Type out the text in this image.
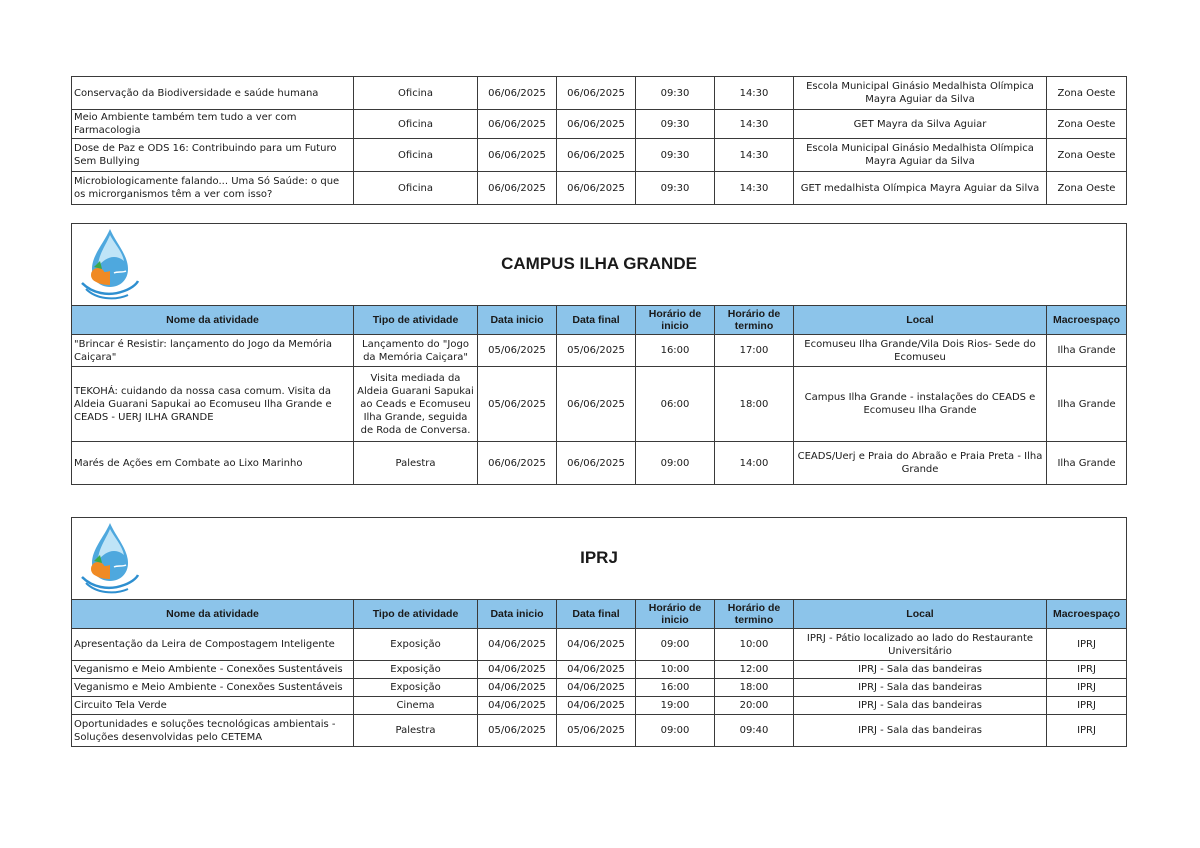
Conservação da Biodiversidade e saúde humana	Oficina	06/06/2025	06/06/2025	09:30	14:30	Escola Municipal Ginásio Medalhista Olímpica Mayra Aguiar da Silva	Zona Oeste
Meio Ambiente também tem tudo a ver com Farmacologia	Oficina	06/06/2025	06/06/2025	09:30	14:30	GET Mayra da Silva Aguiar	Zona Oeste
Dose de Paz e ODS 16: Contribuindo para um Futuro Sem Bullying	Oficina	06/06/2025	06/06/2025	09:30	14:30	Escola Municipal Ginásio Medalhista Olímpica Mayra Aguiar da Silva	Zona Oeste
Microbiologicamente falando... Uma Só Saúde: o que os microrganismos têm a ver com isso?	Oficina	06/06/2025	06/06/2025	09:30	14:30	GET medalhista Olímpica Mayra Aguiar da Silva	Zona Oeste
CAMPUS ILHA GRANDE							
Nome da atividade	Tipo de atividade	Data inicio	Data final	Horário de inicio	Horário de termino	Local	Macroespaço
"Brincar é Resistir: lançamento do Jogo da Memória Caiçara"	Lançamento do "Jogo da Memória Caiçara"	05/06/2025	05/06/2025	16:00	17:00	Ecomuseu Ilha Grande/Vila Dois Rios- Sede do Ecomuseu	Ilha Grande
TEKOHÁ: cuidando da nossa casa comum. Visita da Aldeia Guarani Sapukai ao Ecomuseu Ilha Grande e CEADS - UERJ ILHA GRANDE	Visita mediada da Aldeia Guarani Sapukai ao Ceads e Ecomuseu Ilha Grande, seguida de Roda de Conversa.	05/06/2025	06/06/2025	06:00	18:00	Campus Ilha Grande - instalações do CEADS e Ecomuseu Ilha Grande	Ilha Grande
Marés de Ações em Combate ao Lixo Marinho	Palestra	06/06/2025	06/06/2025	09:00	14:00	CEADS/Uerj e Praia do Abraão e Praia Preta - Ilha Grande	Ilha Grande
IPRJ							
Nome da atividade	Tipo de atividade	Data inicio	Data final	Horário de inicio	Horário de termino	Local	Macroespaço
Apresentação da Leira de Compostagem Inteligente	Exposição	04/06/2025	04/06/2025	09:00	10:00	IPRJ - Pátio localizado ao lado do Restaurante Universitário	IPRJ
Veganismo e Meio Ambiente - Conexões Sustentáveis	Exposição	04/06/2025	04/06/2025	10:00	12:00	IPRJ - Sala das bandeiras	IPRJ
Veganismo e Meio Ambiente - Conexões Sustentáveis	Exposição	04/06/2025	04/06/2025	16:00	18:00	IPRJ - Sala das bandeiras	IPRJ
Circuito Tela Verde	Cinema	04/06/2025	04/06/2025	19:00	20:00	IPRJ - Sala das bandeiras	IPRJ
Oportunidades e soluções tecnológicas ambientais - Soluções desenvolvidas pelo CETEMA	Palestra	05/06/2025	05/06/2025	09:00	09:40	IPRJ - Sala das bandeiras	IPRJ
